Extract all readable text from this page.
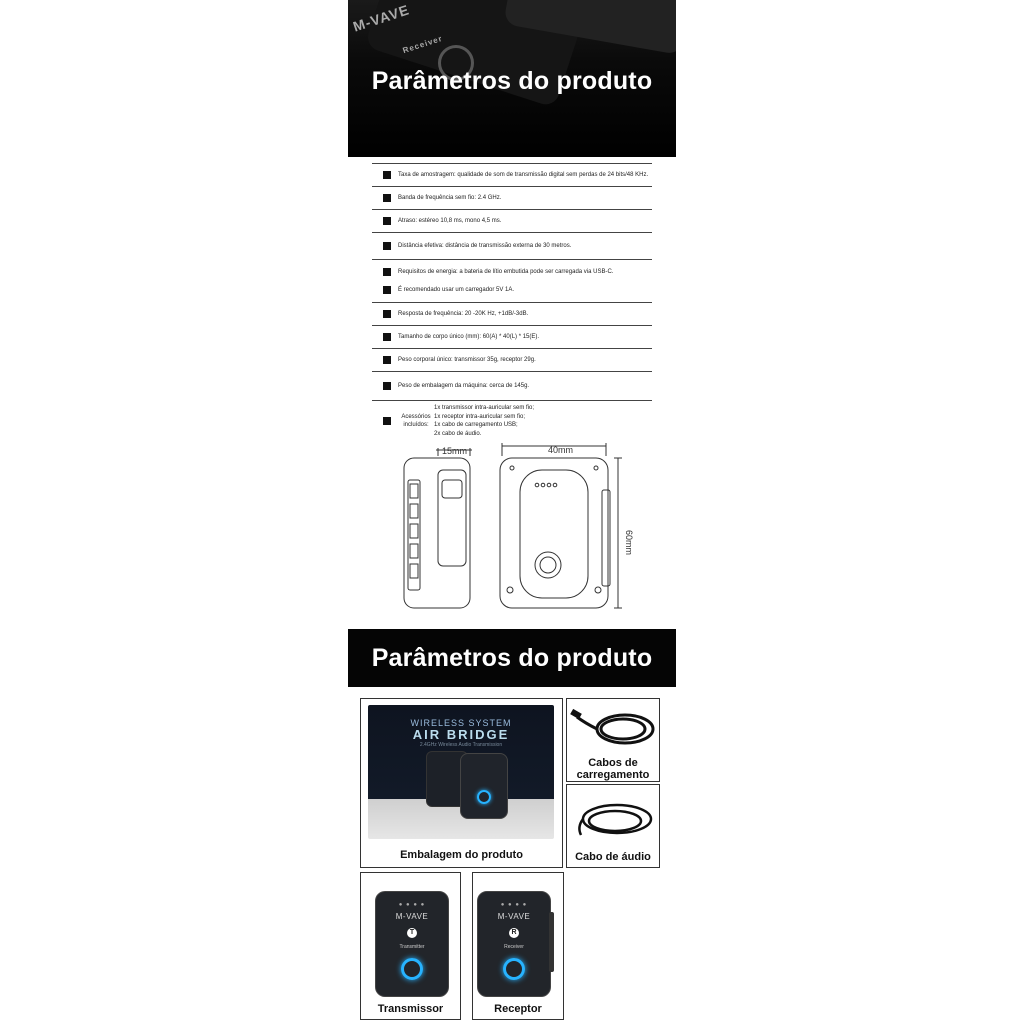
M-VAVE
Receiver
Parâmetros do produto
Taxa de amostragem: qualidade de som de transmissão digital sem perdas de 24 bits/48 KHz.
Banda de frequência sem fio: 2.4 GHz.
Atraso: estéreo 10,8 ms, mono 4,5 ms.
Distância efetiva: distância de transmissão externa de 30 metros.
Requisitos de energia: a bateria de lítio embutida pode ser carregada via USB-C.
É recomendado usar um carregador 5V 1A.
Resposta de frequência: 20 -20K Hz, +1dB/-3dB.
Tamanho de corpo único (mm): 60(A) * 40(L) * 15(E).
Peso corporal único: transmissor 35g, receptor 29g.
Peso de embalagem da máquina: cerca de 145g.
Acessórios incluídos:
1x transmissor intra-auricular sem fio;
1x receptor intra-auricular sem fio;
1x cabo de carregamento USB;
2x cabo de áudio.
15mm	40mm
60mm
Parâmetros do produto
WIRELESS SYSTEM
AIR BRIDGE
2.4GHz Wireless Audio Transmission
Embalagem do produto
Cabos de carregamento
Cabo de áudio
● ● ● ●
M-VAVE
T
Transmitter
Transmissor
● ● ● ●
M-VAVE
R
Receiver
Receptor
